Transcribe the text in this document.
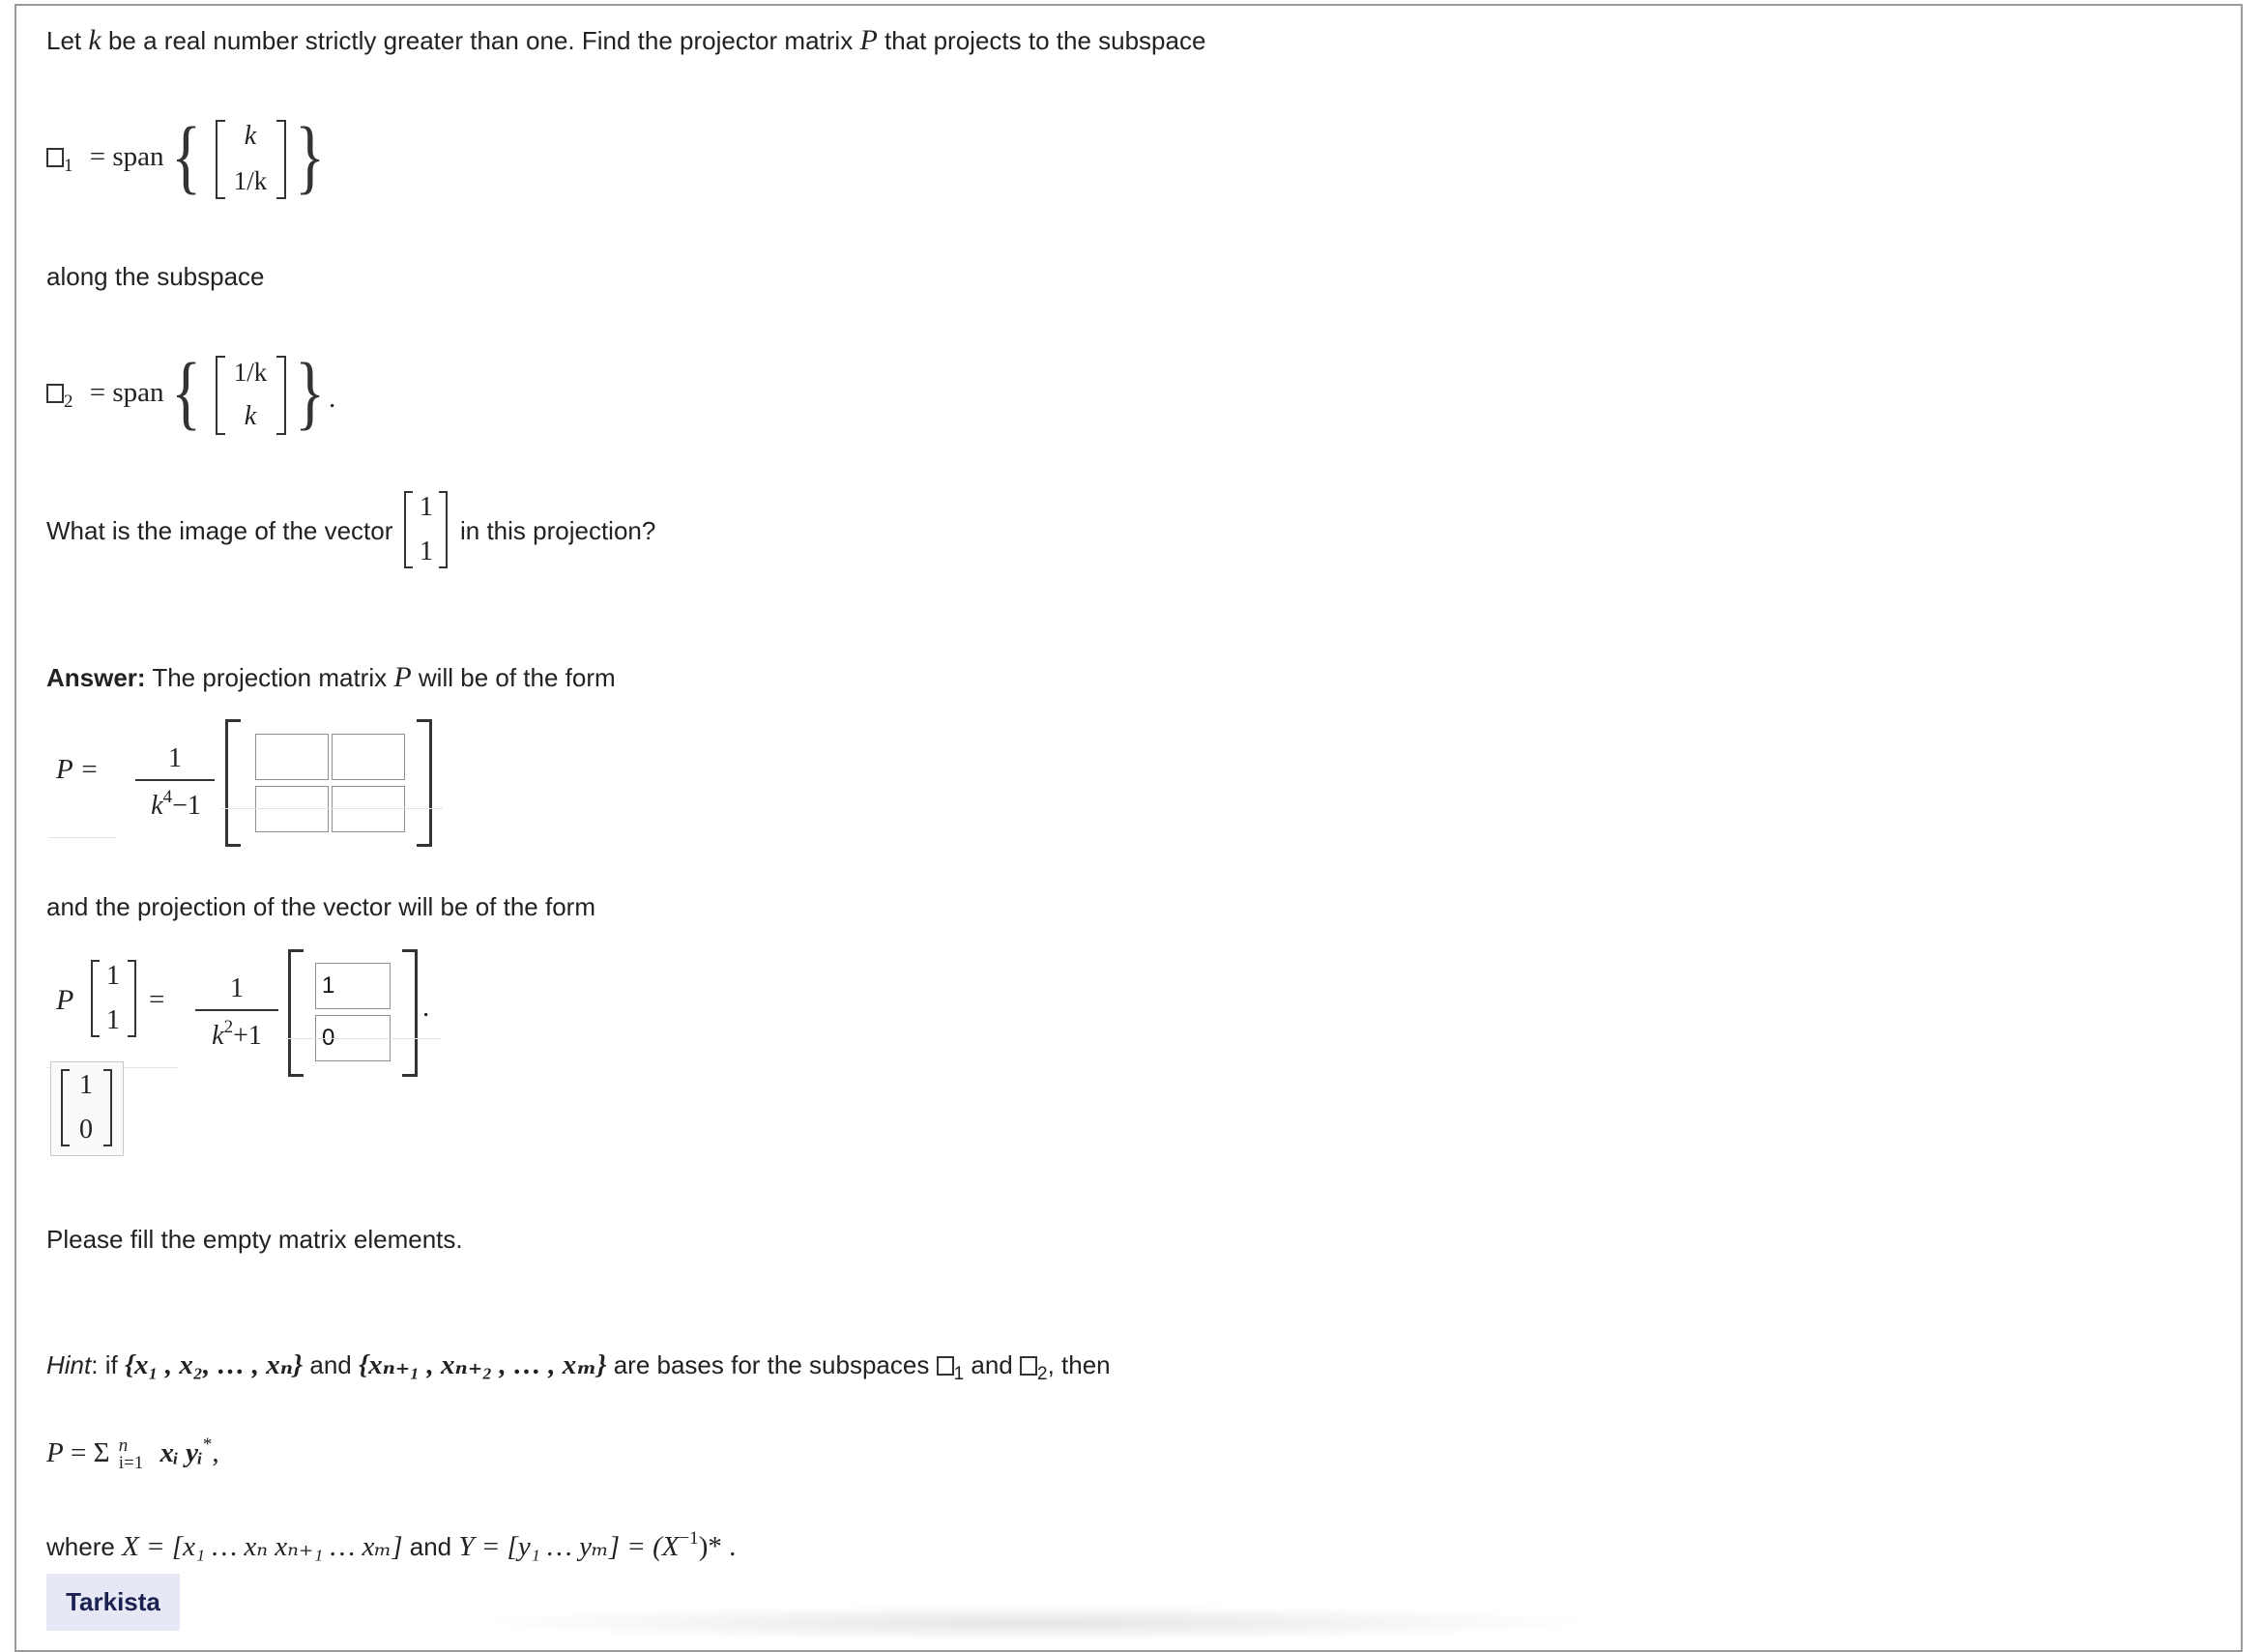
Let k be a real number strictly greater than one. Find the projector matrix P that projects to the subspace
$_1$ = span {	k
1/k }
along the subspace
$_2$ = span {	1/k
k } .
What is the image of the vector
1
1
in this projection?
Answer: The projection matrix P will be of the form
P =	1
$k^4-1$
and the projection of the vector will be of the form
P
1
1
=	1
$k^2+1$
1
0
.
1
0
Please fill the empty matrix elements.
Hint: if {x₁ , x₂, … , xₙ} and {xₙ₊₁ , xₙ₊₂ , … , xₘ} are bases for the subspaces $_1$ and $_2$, then
P = Σ n
i=1 xᵢ yᵢ*,
where X = [x₁ … xₙ xₙ₊₁ … xₘ] and Y = [y₁ … $y_m] = (X^{-1})*$ .
Tarkista
